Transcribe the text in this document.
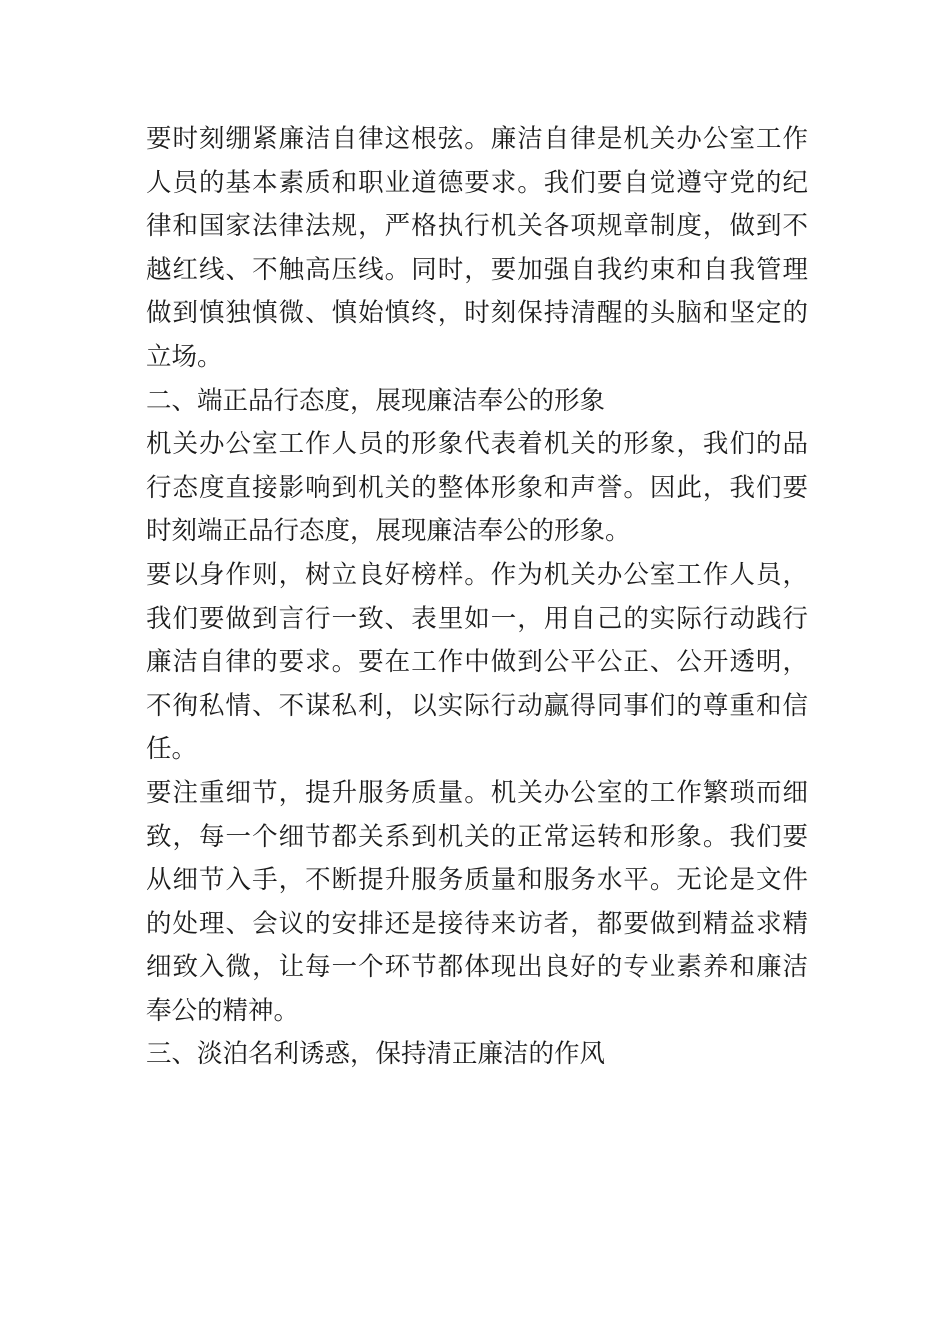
要时刻绷紧廉洁自律这根弦。廉洁自律是机关办公室工作
人员的基本素质和职业道德要求。我们要自觉遵守党的纪
律和国家法律法规，严格执行机关各项规章制度，做到不
越红线、不触高压线。同时，要加强自我约束和自我管理
做到慎独慎微、慎始慎终，时刻保持清醒的头脑和坚定的
立场。
二、端正品行态度，展现廉洁奉公的形象
机关办公室工作人员的形象代表着机关的形象，我们的品
行态度直接影响到机关的整体形象和声誉。因此，我们要
时刻端正品行态度，展现廉洁奉公的形象。
要以身作则，树立良好榜样。作为机关办公室工作人员，
我们要做到言行一致、表里如一，用自己的实际行动践行
廉洁自律的要求。要在工作中做到公平公正、公开透明，
不徇私情、不谋私利，以实际行动赢得同事们的尊重和信
任。
要注重细节，提升服务质量。机关办公室的工作繁琐而细
致，每一个细节都关系到机关的正常运转和形象。我们要
从细节入手，不断提升服务质量和服务水平。无论是文件
的处理、会议的安排还是接待来访者，都要做到精益求精
细致入微，让每一个环节都体现出良好的专业素养和廉洁
奉公的精神。
三、淡泊名利诱惑，保持清正廉洁的作风
